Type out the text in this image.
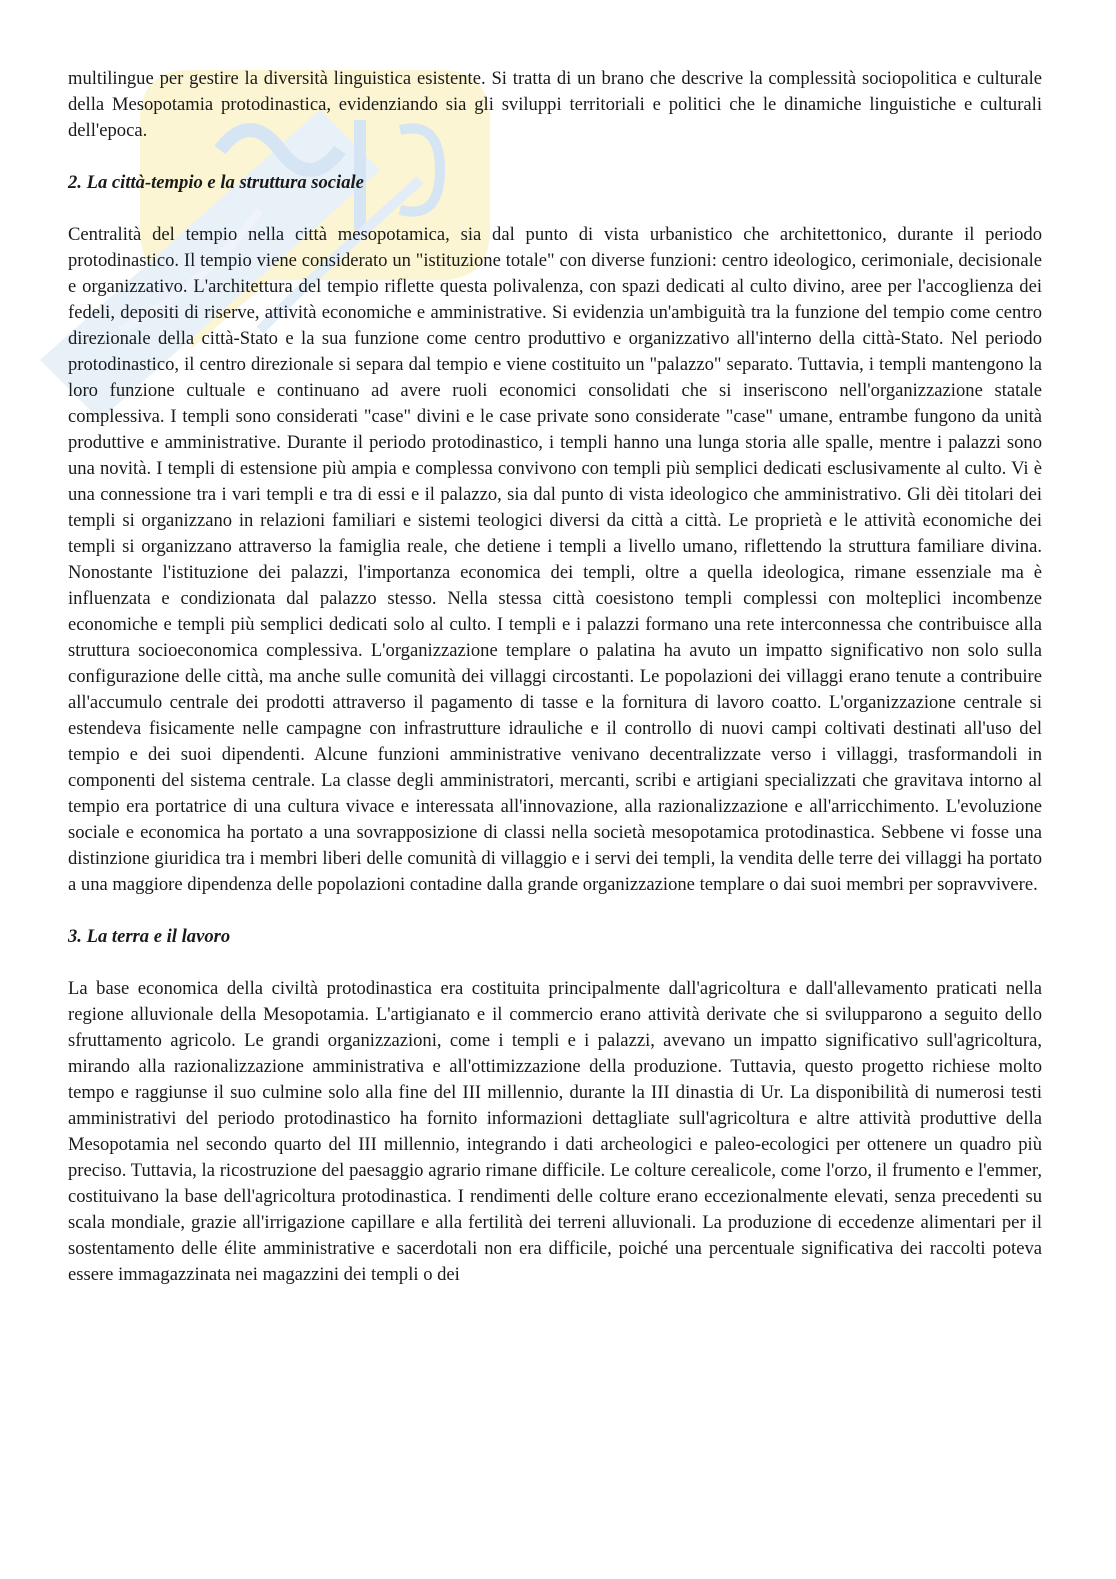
multilingue per gestire la diversità linguistica esistente. Si tratta di un brano che descrive la complessità sociopolitica e culturale della Mesopotamia protodinastica, evidenziando sia gli sviluppi territoriali e politici che le dinamiche linguistiche e culturali dell'epoca.

2. La città-tempio e la struttura sociale

Centralità del tempio nella città mesopotamica, sia dal punto di vista urbanistico che architettonico, durante il periodo protodinastico. Il tempio viene considerato un "istituzione totale" con diverse funzioni: centro ideologico, cerimoniale, decisionale e organizzativo. L'architettura del tempio riflette questa polivalenza, con spazi dedicati al culto divino, aree per l'accoglienza dei fedeli, depositi di riserve, attività economiche e amministrative. Si evidenzia un'ambiguità tra la funzione del tempio come centro direzionale della città-Stato e la sua funzione come centro produttivo e organizzativo all'interno della città-Stato. Nel periodo protodinastico, il centro direzionale si separa dal tempio e viene costituito un "palazzo" separato. Tuttavia, i templi mantengono la loro funzione cultuale e continuano ad avere ruoli economici consolidati che si inseriscono nell'organizzazione statale complessiva. I templi sono considerati "case" divini e le case private sono considerate "case" umane, entrambe fungono da unità produttive e amministrative. Durante il periodo protodinastico, i templi hanno una lunga storia alle spalle, mentre i palazzi sono una novità. I templi di estensione più ampia e complessa convivono con templi più semplici dedicati esclusivamente al culto. Vi è una connessione tra i vari templi e tra di essi e il palazzo, sia dal punto di vista ideologico che amministrativo. Gli dèi titolari dei templi si organizzano in relazioni familiari e sistemi teologici diversi da città a città. Le proprietà e le attività economiche dei templi si organizzano attraverso la famiglia reale, che detiene i templi a livello umano, riflettendo la struttura familiare divina. Nonostante l'istituzione dei palazzi, l'importanza economica dei templi, oltre a quella ideologica, rimane essenziale ma è influenzata e condizionata dal palazzo stesso. Nella stessa città coesistono templi complessi con molteplici incombenze economiche e templi più semplici dedicati solo al culto. I templi e i palazzi formano una rete interconnessa che contribuisce alla struttura socioeconomica complessiva. L'organizzazione templare o palatina ha avuto un impatto significativo non solo sulla configurazione delle città, ma anche sulle comunità dei villaggi circostanti. Le popolazioni dei villaggi erano tenute a contribuire all'accumulo centrale dei prodotti attraverso il pagamento di tasse e la fornitura di lavoro coatto. L'organizzazione centrale si estendeva fisicamente nelle campagne con infrastrutture idrauliche e il controllo di nuovi campi coltivati destinati all'uso del tempio e dei suoi dipendenti. Alcune funzioni amministrative venivano decentralizzate verso i villaggi, trasformandoli in componenti del sistema centrale. La classe degli amministratori, mercanti, scribi e artigiani specializzati che gravitava intorno al tempio era portatrice di una cultura vivace e interessata all'innovazione, alla razionalizzazione e all'arricchimento. L'evoluzione sociale e economica ha portato a una sovrapposizione di classi nella società mesopotamica protodinastica. Sebbene vi fosse una distinzione giuridica tra i membri liberi delle comunità di villaggio e i servi dei templi, la vendita delle terre dei villaggi ha portato a una maggiore dipendenza delle popolazioni contadine dalla grande organizzazione templare o dai suoi membri per sopravvivere.

3. La terra e il lavoro

La base economica della civiltà protodinastica era costituita principalmente dall'agricoltura e dall'allevamento praticati nella regione alluvionale della Mesopotamia. L'artigianato e il commercio erano attività derivate che si svilupparono a seguito dello sfruttamento agricolo. Le grandi organizzazioni, come i templi e i palazzi, avevano un impatto significativo sull'agricoltura, mirando alla razionalizzazione amministrativa e all'ottimizzazione della produzione. Tuttavia, questo progetto richiese molto tempo e raggiunse il suo culmine solo alla fine del III millennio, durante la III dinastia di Ur. La disponibilità di numerosi testi amministrativi del periodo protodinastico ha fornito informazioni dettagliate sull'agricoltura e altre attività produttive della Mesopotamia nel secondo quarto del III millennio, integrando i dati archeologici e paleo-ecologici per ottenere un quadro più preciso. Tuttavia, la ricostruzione del paesaggio agrario rimane difficile. Le colture cerealicole, come l'orzo, il frumento e l'emmer, costituivano la base dell'agricoltura protodinastica. I rendimenti delle colture erano eccezionalmente elevati, senza precedenti su scala mondiale, grazie all'irrigazione capillare e alla fertilità dei terreni alluvionali. La produzione di eccedenze alimentari per il sostentamento delle élite amministrative e sacerdotali non era difficile, poiché una percentuale significativa dei raccolti poteva essere immagazzinata nei magazzini dei templi o dei
